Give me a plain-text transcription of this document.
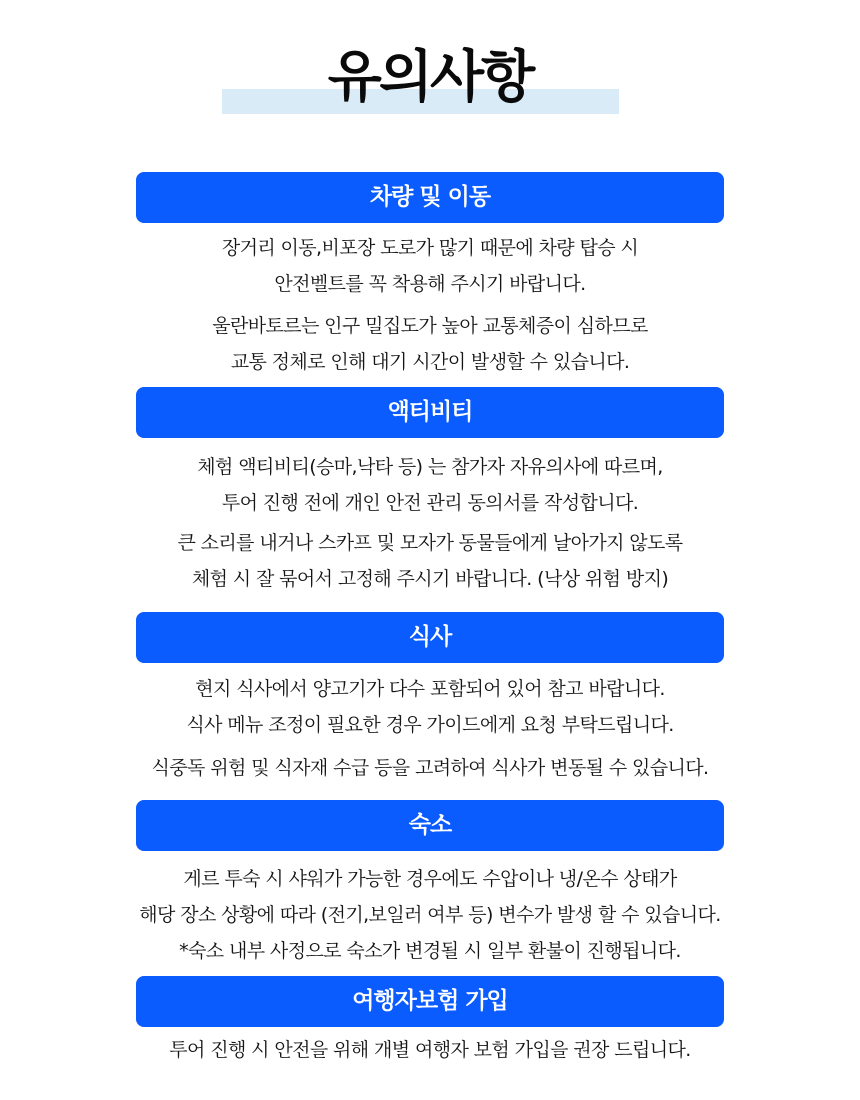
유의사항
차량 및 이동
장거리 이동,비포장 도로가 많기 때문에 차량 탑승 시
안전벨트를 꼭 착용해 주시기 바랍니다.
울란바토르는 인구 밀집도가 높아 교통체증이 심하므로
교통 정체로 인해 대기 시간이 발생할 수 있습니다.
액티비티
체험 액티비티(승마,낙타 등) 는 참가자 자유의사에 따르며,
투어 진행 전에 개인 안전 관리 동의서를 작성합니다.
큰 소리를 내거나 스카프 및 모자가 동물들에게 날아가지 않도록
체험 시 잘 묶어서 고정해 주시기 바랍니다. (낙상 위험 방지)
식사
현지 식사에서 양고기가 다수 포함되어 있어 참고 바랍니다.
식사 메뉴 조정이 필요한 경우 가이드에게 요청 부탁드립니다.
식중독 위험 및 식자재 수급 등을 고려하여 식사가 변동될 수 있습니다.
숙소
게르 투숙 시 샤워가 가능한 경우에도 수압이나 냉/온수 상태가
해당 장소 상황에 따라 (전기,보일러 여부 등) 변수가 발생 할 수 있습니다.
*숙소 내부 사정으로 숙소가 변경될 시 일부 환불이 진행됩니다.
여행자보험 가입
투어 진행 시 안전을 위해 개별 여행자 보험 가입을 권장 드립니다.
